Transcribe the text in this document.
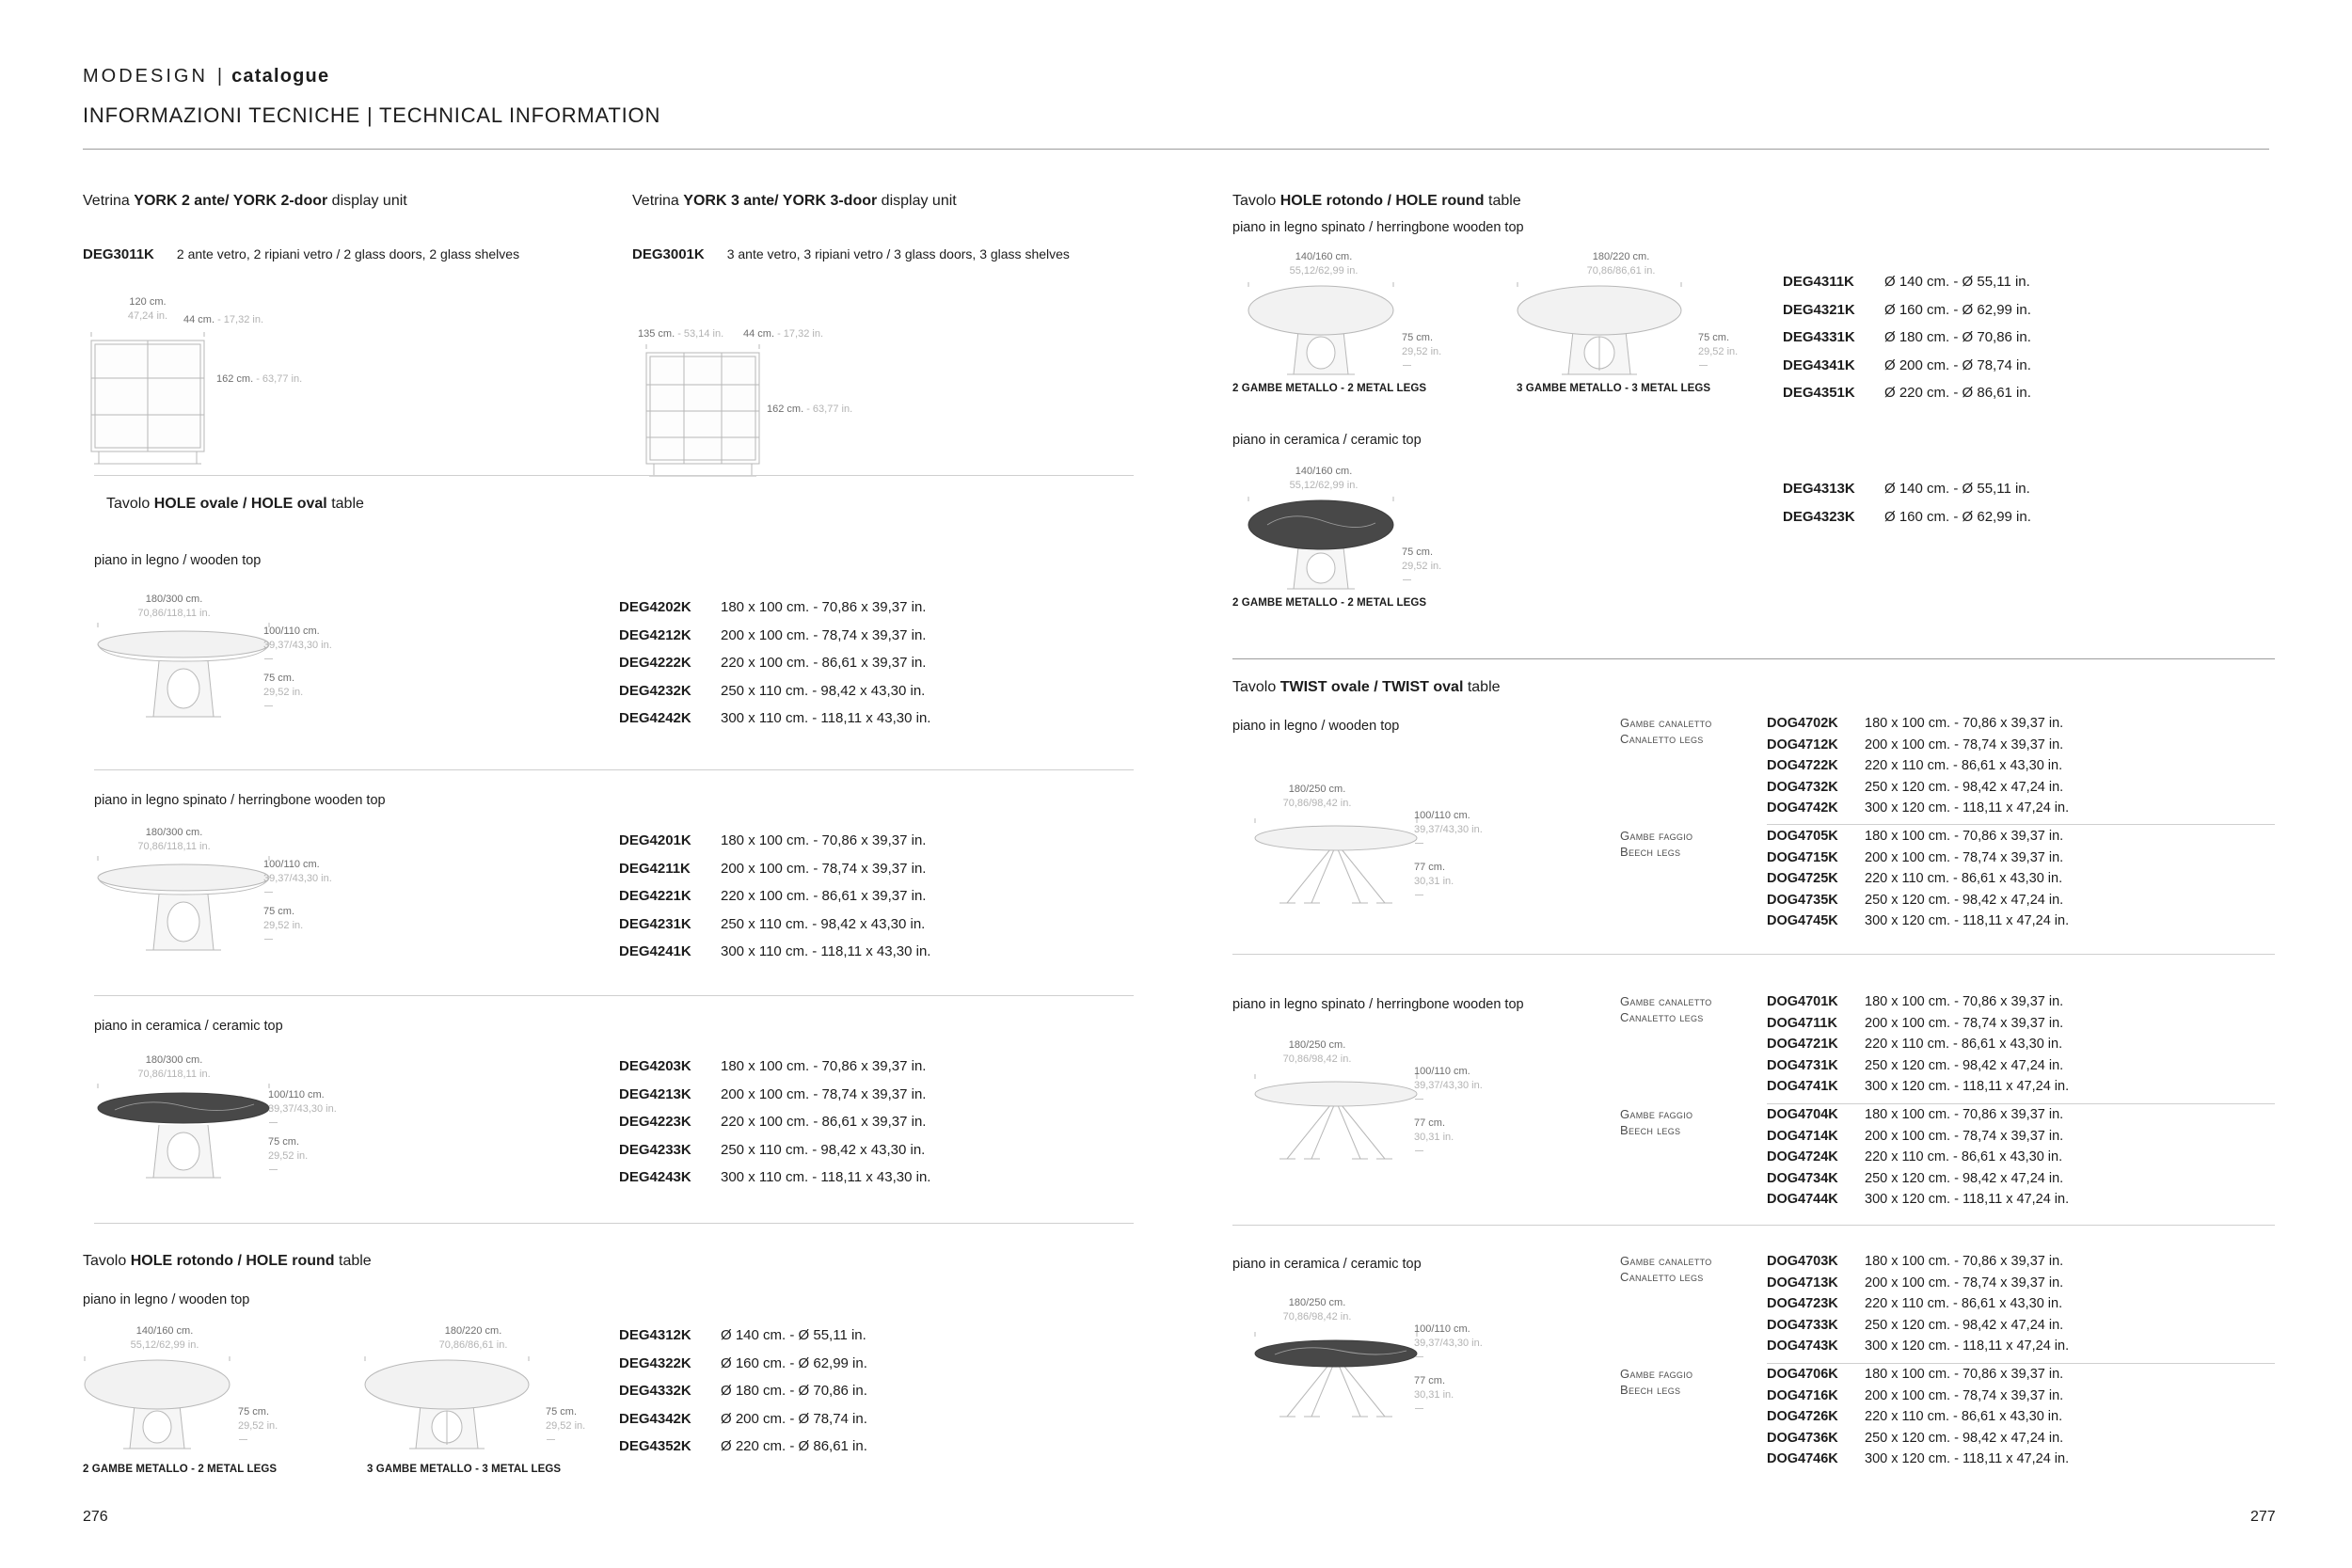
MODESIGN | catalogue
INFORMAZIONI TECNICHE | TECHNICAL INFORMATION
Vetrina YORK 2 ante/ YORK 2-door display unit
DEG3011K 2 ante vetro, 2 ripiani vetro / 2 glass doors, 2 glass shelves
120 cm.
47,24 in.	44 cm. - 17,32 in.
162 cm. - 63,77 in.
Vetrina YORK 3 ante/ YORK 3-door display unit
DEG3001K 3 ante vetro, 3 ripiani vetro / 3 glass doors, 3 glass shelves
135 cm. - 53,14 in. 44 cm. - 17,32 in.
162 cm. - 63,77 in.
Tavolo HOLE ovale / HOLE oval table
piano in legno / wooden top
180/300 cm.
70,86/118,11 in.
100/110 cm.
39,37/43,30 in.
75 cm.
29,52 in.
DEG4202K	180 x 100 cm. - 70,86 x 39,37 in.
DEG4212K	200 x 100 cm. - 78,74 x 39,37 in.
DEG4222K	220 x 100 cm. - 86,61 x 39,37 in.
DEG4232K	250 x 110 cm. - 98,42 x 43,30 in.
DEG4242K	300 x 110 cm. - 118,11 x 43,30 in.
piano in legno spinato / herringbone wooden top
180/300 cm.
70,86/118,11 in.
100/110 cm.
39,37/43,30 in.
75 cm.
29,52 in.
DEG4201K	180 x 100 cm. - 70,86 x 39,37 in.
DEG4211K	200 x 100 cm. - 78,74 x 39,37 in.
DEG4221K	220 x 100 cm. - 86,61 x 39,37 in.
DEG4231K	250 x 110 cm. - 98,42 x 43,30 in.
DEG4241K	300 x 110 cm. - 118,11 x 43,30 in.
piano in ceramica / ceramic top
180/300 cm.
70,86/118,11 in.
100/110 cm.
39,37/43,30 in.
75 cm.
29,52 in.
DEG4203K	180 x 100 cm. - 70,86 x 39,37 in.
DEG4213K	200 x 100 cm. - 78,74 x 39,37 in.
DEG4223K	220 x 100 cm. - 86,61 x 39,37 in.
DEG4233K	250 x 110 cm. - 98,42 x 43,30 in.
DEG4243K	300 x 110 cm. - 118,11 x 43,30 in.
Tavolo HOLE rotondo / HOLE round table
piano in legno / wooden top
140/160 cm.
55,12/62,99 in.
75 cm.
29,52 in.
2 GAMBE METALLO - 2 METAL LEGS
180/220 cm.
70,86/86,61 in.
75 cm.
29,52 in.
3 GAMBE METALLO - 3 METAL LEGS
DEG4312K	Ø 140 cm. - Ø 55,11 in.
DEG4322K	Ø 160 cm. - Ø 62,99 in.
DEG4332K	Ø 180 cm. - Ø 70,86 in.
DEG4342K	Ø 200 cm. - Ø 78,74 in.
DEG4352K	Ø 220 cm. - Ø 86,61 in.
Tavolo HOLE rotondo / HOLE round table
piano in legno spinato / herringbone wooden top
140/160 cm.
55,12/62,99 in.
75 cm.
29,52 in.
2 GAMBE METALLO - 2 METAL LEGS
180/220 cm.
70,86/86,61 in.
75 cm.
29,52 in.
3 GAMBE METALLO - 3 METAL LEGS
DEG4311K	Ø 140 cm. - Ø 55,11 in.
DEG4321K	Ø 160 cm. - Ø 62,99 in.
DEG4331K	Ø 180 cm. - Ø 70,86 in.
DEG4341K	Ø 200 cm. - Ø 78,74 in.
DEG4351K	Ø 220 cm. - Ø 86,61 in.
piano in ceramica / ceramic top
140/160 cm.
55,12/62,99 in.
75 cm.
29,52 in.
2 GAMBE METALLO - 2 METAL LEGS
DEG4313K	Ø 140 cm. - Ø 55,11 in.
DEG4323K	Ø 160 cm. - Ø 62,99 in.
Tavolo TWIST ovale / TWIST oval table
piano in legno / wooden top
180/250 cm.
70,86/98,42 in.
100/110 cm.
39,37/43,30 in.
77 cm.
30,31 in.
Gambe canaletto
Canaletto legs
DOG4702K	180 x 100 cm. - 70,86 x 39,37 in.
DOG4712K	200 x 100 cm. - 78,74 x 39,37 in.
DOG4722K	220 x 110 cm. - 86,61 x 43,30 in.
DOG4732K	250 x 120 cm. - 98,42 x 47,24 in.
DOG4742K	300 x 120 cm. - 118,11 x 47,24 in.
Gambe faggio
Beech legs
DOG4705K	180 x 100 cm. - 70,86 x 39,37 in.
DOG4715K	200 x 100 cm. - 78,74 x 39,37 in.
DOG4725K	220 x 110 cm. - 86,61 x 43,30 in.
DOG4735K	250 x 120 cm. - 98,42 x 47,24 in.
DOG4745K	300 x 120 cm. - 118,11 x 47,24 in.
piano in legno spinato / herringbone wooden top
180/250 cm.
70,86/98,42 in.
100/110 cm.
39,37/43,30 in.
77 cm.
30,31 in.
Gambe canaletto
Canaletto legs
DOG4701K	180 x 100 cm. - 70,86 x 39,37 in.
DOG4711K	200 x 100 cm. - 78,74 x 39,37 in.
DOG4721K	220 x 110 cm. - 86,61 x 43,30 in.
DOG4731K	250 x 120 cm. - 98,42 x 47,24 in.
DOG4741K	300 x 120 cm. - 118,11 x 47,24 in.
Gambe faggio
Beech legs
DOG4704K	180 x 100 cm. - 70,86 x 39,37 in.
DOG4714K	200 x 100 cm. - 78,74 x 39,37 in.
DOG4724K	220 x 110 cm. - 86,61 x 43,30 in.
DOG4734K	250 x 120 cm. - 98,42 x 47,24 in.
DOG4744K	300 x 120 cm. - 118,11 x 47,24 in.
piano in ceramica / ceramic top
180/250 cm.
70,86/98,42 in.
100/110 cm.
39,37/43,30 in.
77 cm.
30,31 in.
Gambe canaletto
Canaletto legs
DOG4703K	180 x 100 cm. - 70,86 x 39,37 in.
DOG4713K	200 x 100 cm. - 78,74 x 39,37 in.
DOG4723K	220 x 110 cm. - 86,61 x 43,30 in.
DOG4733K	250 x 120 cm. - 98,42 x 47,24 in.
DOG4743K	300 x 120 cm. - 118,11 x 47,24 in.
Gambe faggio
Beech legs
DOG4706K	180 x 100 cm. - 70,86 x 39,37 in.
DOG4716K	200 x 100 cm. - 78,74 x 39,37 in.
DOG4726K	220 x 110 cm. - 86,61 x 43,30 in.
DOG4736K	250 x 120 cm. - 98,42 x 47,24 in.
DOG4746K	300 x 120 cm. - 118,11 x 47,24 in.
276	277
